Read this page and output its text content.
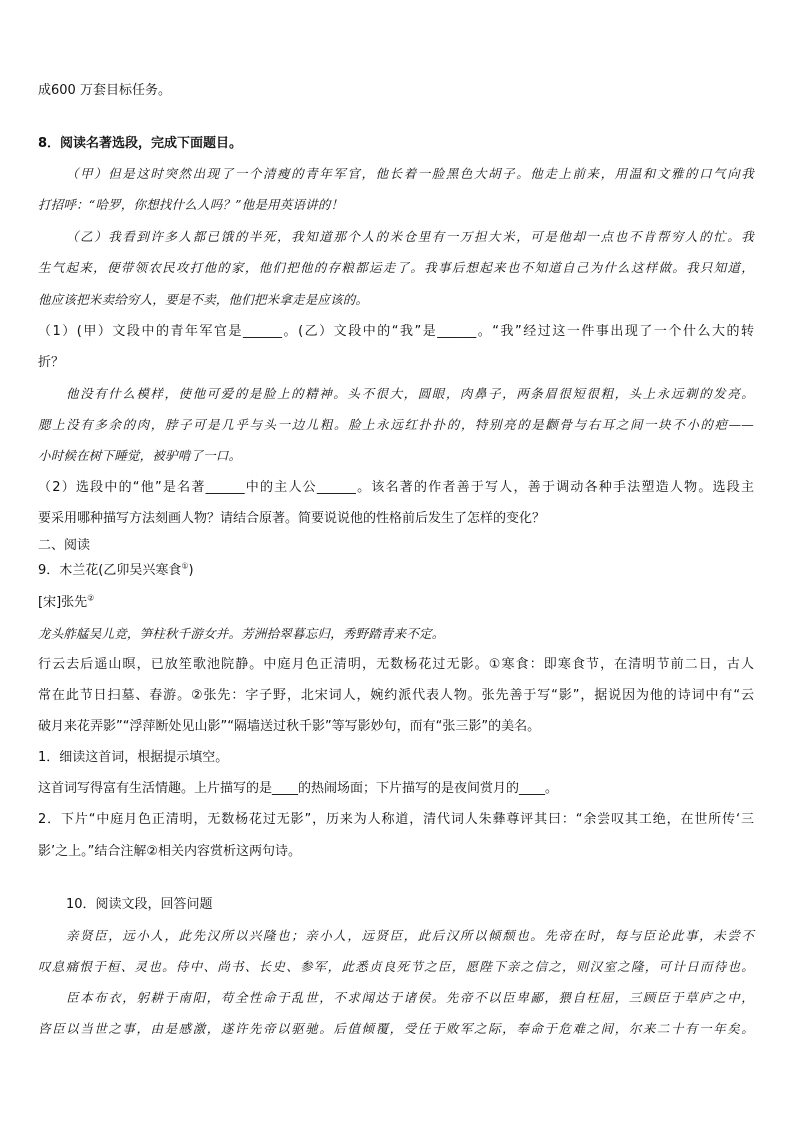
成600 万套目标任务。
8．阅读名著选段，完成下面题目。
（甲）但是这时突然出现了一个清瘦的青年军官，他长着一脸黑色大胡子。他走上前来，用温和文雅的口气向我
打招呼：“哈罗，你想找什么人吗？”他是用英语讲的！
（乙）我看到许多人都已饿的半死，我知道那个人的米仓里有一万担大米，可是他却一点也不肯帮穷人的忙。我
生气起来，便带领农民攻打他的家，他们把他的存粮都运走了。我事后想起来也不知道自己为什么这样做。我只知道，
他应该把米卖给穷人，要是不卖，他们把米拿走是应该的。
（1）(甲）文段中的青年军官是______。(乙）文段中的“我”是______。“我”经过这一件事出现了一个什么大的转
折？
他没有什么模样，使他可爱的是脸上的精神。头不很大，圆眼，肉鼻子，两条眉很短很粗，头上永远剃的发亮。
腮上没有多余的肉，脖子可是几乎与头一边儿粗。脸上永远红扑扑的，特别亮的是颧骨与右耳之间一块不小的疤——
小时候在树下睡觉，被驴啃了一口。
（2）选段中的“他”是名著______中的主人公______。该名著的作者善于写人，善于调动各种手法塑造人物。选段主
要采用哪种描写方法刻画人物？请结合原著。简要说说他的性格前后发生了怎样的变化？
二、阅读
9．木兰花(乙卯吴兴寒食①)
[宋]张先②
龙头舴艋吴儿竞，笋柱秋千游女并。芳洲拾翠暮忘归，秀野踏青来不定。
行云去后遥山暝，已放笙歌池院静。中庭月色正清明，无数杨花过无影。①寒食：即寒食节，在清明节前二日，古人
常在此节日扫墓、春游。②张先：字子野，北宋词人，婉约派代表人物。张先善于写“影”，据说因为他的诗词中有“云
破月来花弄影”“浮萍断处见山影”“隔墙送过秋千影”等写影妙句，而有“张三影”的美名。
1．细读这首词，根据提示填空。
这首词写得富有生活情趣。上片描写的是____的热闹场面；下片描写的是夜间赏月的____。
2．下片“中庭月色正清明，无数杨花过无影”，历来为人称道，清代词人朱彝尊评其曰：“余尝叹其工绝，在世所传‘三
影’之上。”结合注解②相关内容赏析这两句诗。
10．阅读文段，回答问题
亲贤臣，远小人，此先汉所以兴隆也；亲小人，远贤臣，此后汉所以倾颓也。先帝在时，每与臣论此事，未尝不
叹息痛恨于桓、灵也。侍中、尚书、长史、参军，此悉贞良死节之臣，愿陛下亲之信之，则汉室之隆，可计日而待也。
臣本布衣，躬耕于南阳，苟全性命于乱世，不求闻达于诸侯。先帝不以臣卑鄙，猥自枉屈，三顾臣于草庐之中，
咨臣以当世之事，由是感激，遂许先帝以驱驰。后值倾覆，受任于败军之际，奉命于危难之间，尔来二十有一年矣。
